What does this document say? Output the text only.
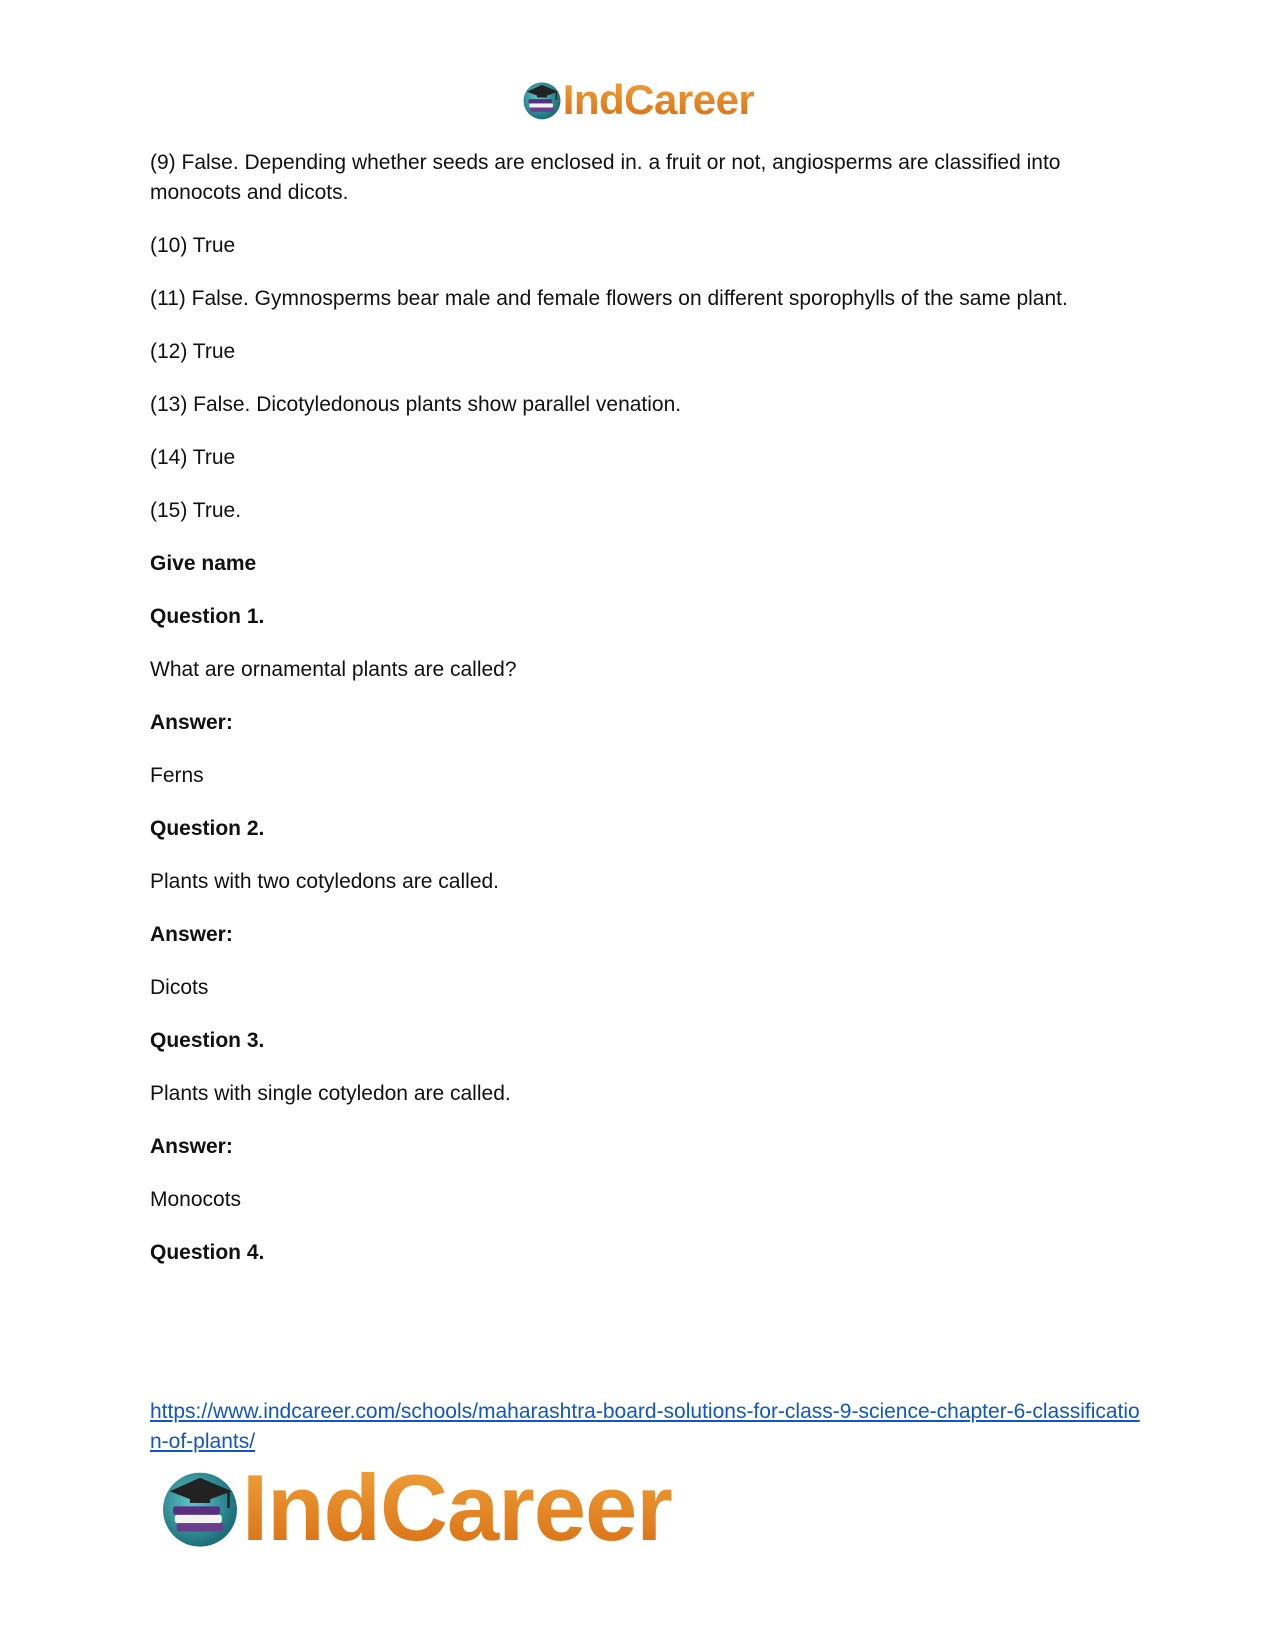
IndCareer

(9) False. Depending whether seeds are enclosed in. a fruit or not, angiosperms are classified into monocots and dicots.

(10) True

(11) False. Gymnosperms bear male and female flowers on different sporophylls of the same plant.

(12) True

(13) False. Dicotyledonous plants show parallel venation.

(14) True

(15) True.

Give name

Question 1.

What are ornamental plants are called?

Answer:

Ferns

Question 2.

Plants with two cotyledons are called.

Answer:

Dicots

Question 3.

Plants with single cotyledon are called.

Answer:

Monocots

Question 4.

https://www.indcareer.com/schools/maharashtra-board-solutions-for-class-9-science-chapter-6-classification-of-plants/
IndCareer
